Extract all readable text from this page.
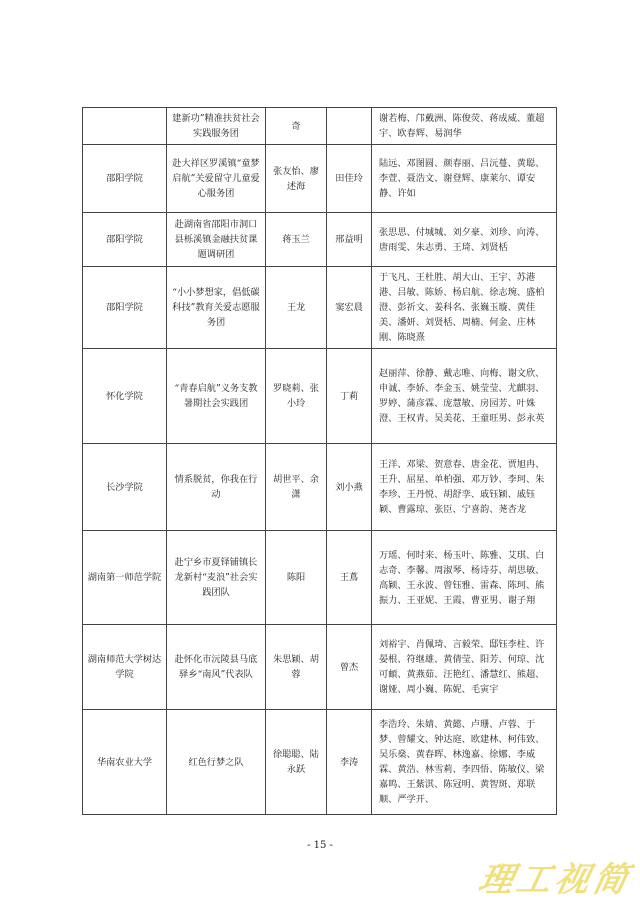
	建新功”精准扶贫社会实践服务团	奇		谢若梅、邝戴洲、陈俊荧、蒋成威、董超宇、欧春辉、易润华
邵阳学院	赴大祥区罗溪镇“童梦启航”关爱留守儿童爱心服务团	张友怡、廖述海	田佳玲	陆远、邓图圆、颜春丽、吕沅蔓、黄聪、李萱、聂浩文、谢登辉、康莱尔、谭安静、许如
邵阳学院	赴湖南省邵阳市洞口县栎溪镇金融扶贫课题调研团	蒋玉兰	邢益明	张思思、付城城、刘夕豪、刘珍、向涛、唐雨雯、朱志勇、王琦、刘贤栝
邵阳学院	“小小梦想家，倡低碳科技”教育关爱志愿服务团	王龙	窦宏晨	于飞凡、王杜胜、胡大山、王宇、苏港港、吕敏、陈娇、杨启航、徐志琬、盛柏澄、彭祈文、姜科名、张巍玉璇、黄佳美、潘妍、刘贤栝、周楠、何金、庄林刚、陈晓熹
怀化学院	“青春启航”义务支教暑期社会实践团	罗晓莉、张小玲	丁莉	赵丽萍、徐静、戴志唯、向梅、谢文欣、申诚、李娇、李金玉、姚莹莹、尤麒羽、罗婷、蒲彦霖、庞慧敏、房园芳、叶姝澄、王权青、吴美花、王童旺男、彭永英
长沙学院	情系脱贫，你我在行动	胡世平、余潇	刘小燕	王洋、邓梁、贺意春、唐金花、贾旭冉、王升、屈星、单柏强、邓万钞、李珂、朱李珍、王丹悦、胡舒孪、戚钰颖、戚钰颖、曹露琼、张臣、宁喜韵、荛杏龙
湖南第一师范学院	赴宁乡市夏铎铺镇长龙新村“麦浪”社会实践团队	陈阳	王蔦	万瑶、何时来、杨玉叶、陈雅、艾琪、白志奇、李馨、周淑琴、杨诗芬、胡思敏、高颖、王永波、曾钰雅、雷森、陈珂、熊振力、王亚妮、王霞、曹亚男、谢子翔
湖南师范大学树达学院	赴怀化市沅陵县马底驿乡“南风”代表队	朱思颖、胡蓉	曾杰	刘裕宇、肖佩琦、言毅荣、邸钰李柱、许晏根、符继雄、黄倩莹、阳芳、何琼、沈可頔、黄燕茹、汪艳红、潘慧红、熊超、谢娅、周小巍、陈妮、毛寅宇
华南农业大学	红色行梦之队	徐聪聪、陆永跃	李涛	李浩玲、朱婧、黄懿、卢珊、卢蓉、于梦、曾耀文、钟达庭、欧建林、柯伟致、吴乐燊、黄春晖、林逸嘉、徐娜、李威霖、黄浩、林雪莉、李四悟、陈敏仪、梁嘉鸣、王紫淇、陈冠明、黄智斑、郑联顺、严学开、
- 15 -
理工视简
